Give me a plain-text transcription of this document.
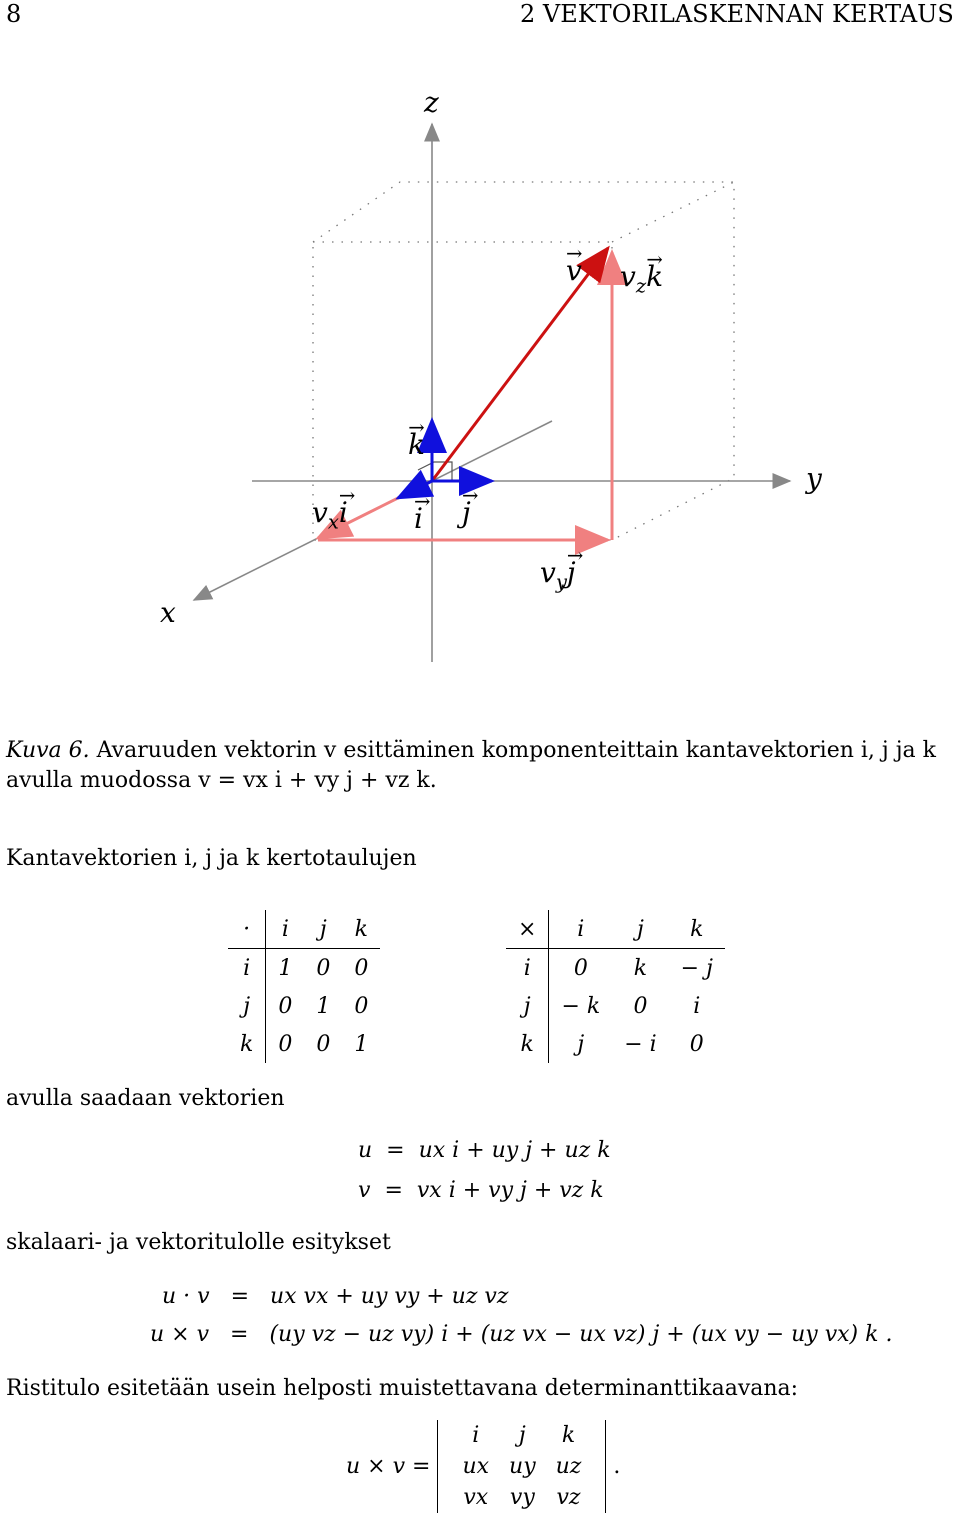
8	2 VEKTORILASKENNAN KERTAUS
z
y
x
→ v $v_z\to k$
→ k
$v_x\to i \to i \to j$
$v_y\to j$
Kuva 6. Avaruuden vektorin v esittäminen komponenteittain kantavektorien i, j ja k
avulla muodossa v = vx i + vy j + vz k.
Kantavektorien i, j ja k kertotaulujen
·	i	j	k
i	1	0	0
j	0	1	0
k	0	0	1
×	i	j	k
i	0	k	− j
j	− k	0	i
k	j	− i	0
avulla saadaan vektorien
u = ux i + uy j + uz k
v = vx i + vy j + vz k
skalaari- ja vektoritulolle esitykset
u · v = ux vx + uy vy + uz vz
u × v = (uy vz − uz vy) i + (uz vx − ux vz) j + (ux vy − uy vx) k .
Ristitulo esitetään usein helposti muistettavana determinanttikaavana:
u × v =
i	j	k
ux	uy	uz
vx	vy	vz
.
